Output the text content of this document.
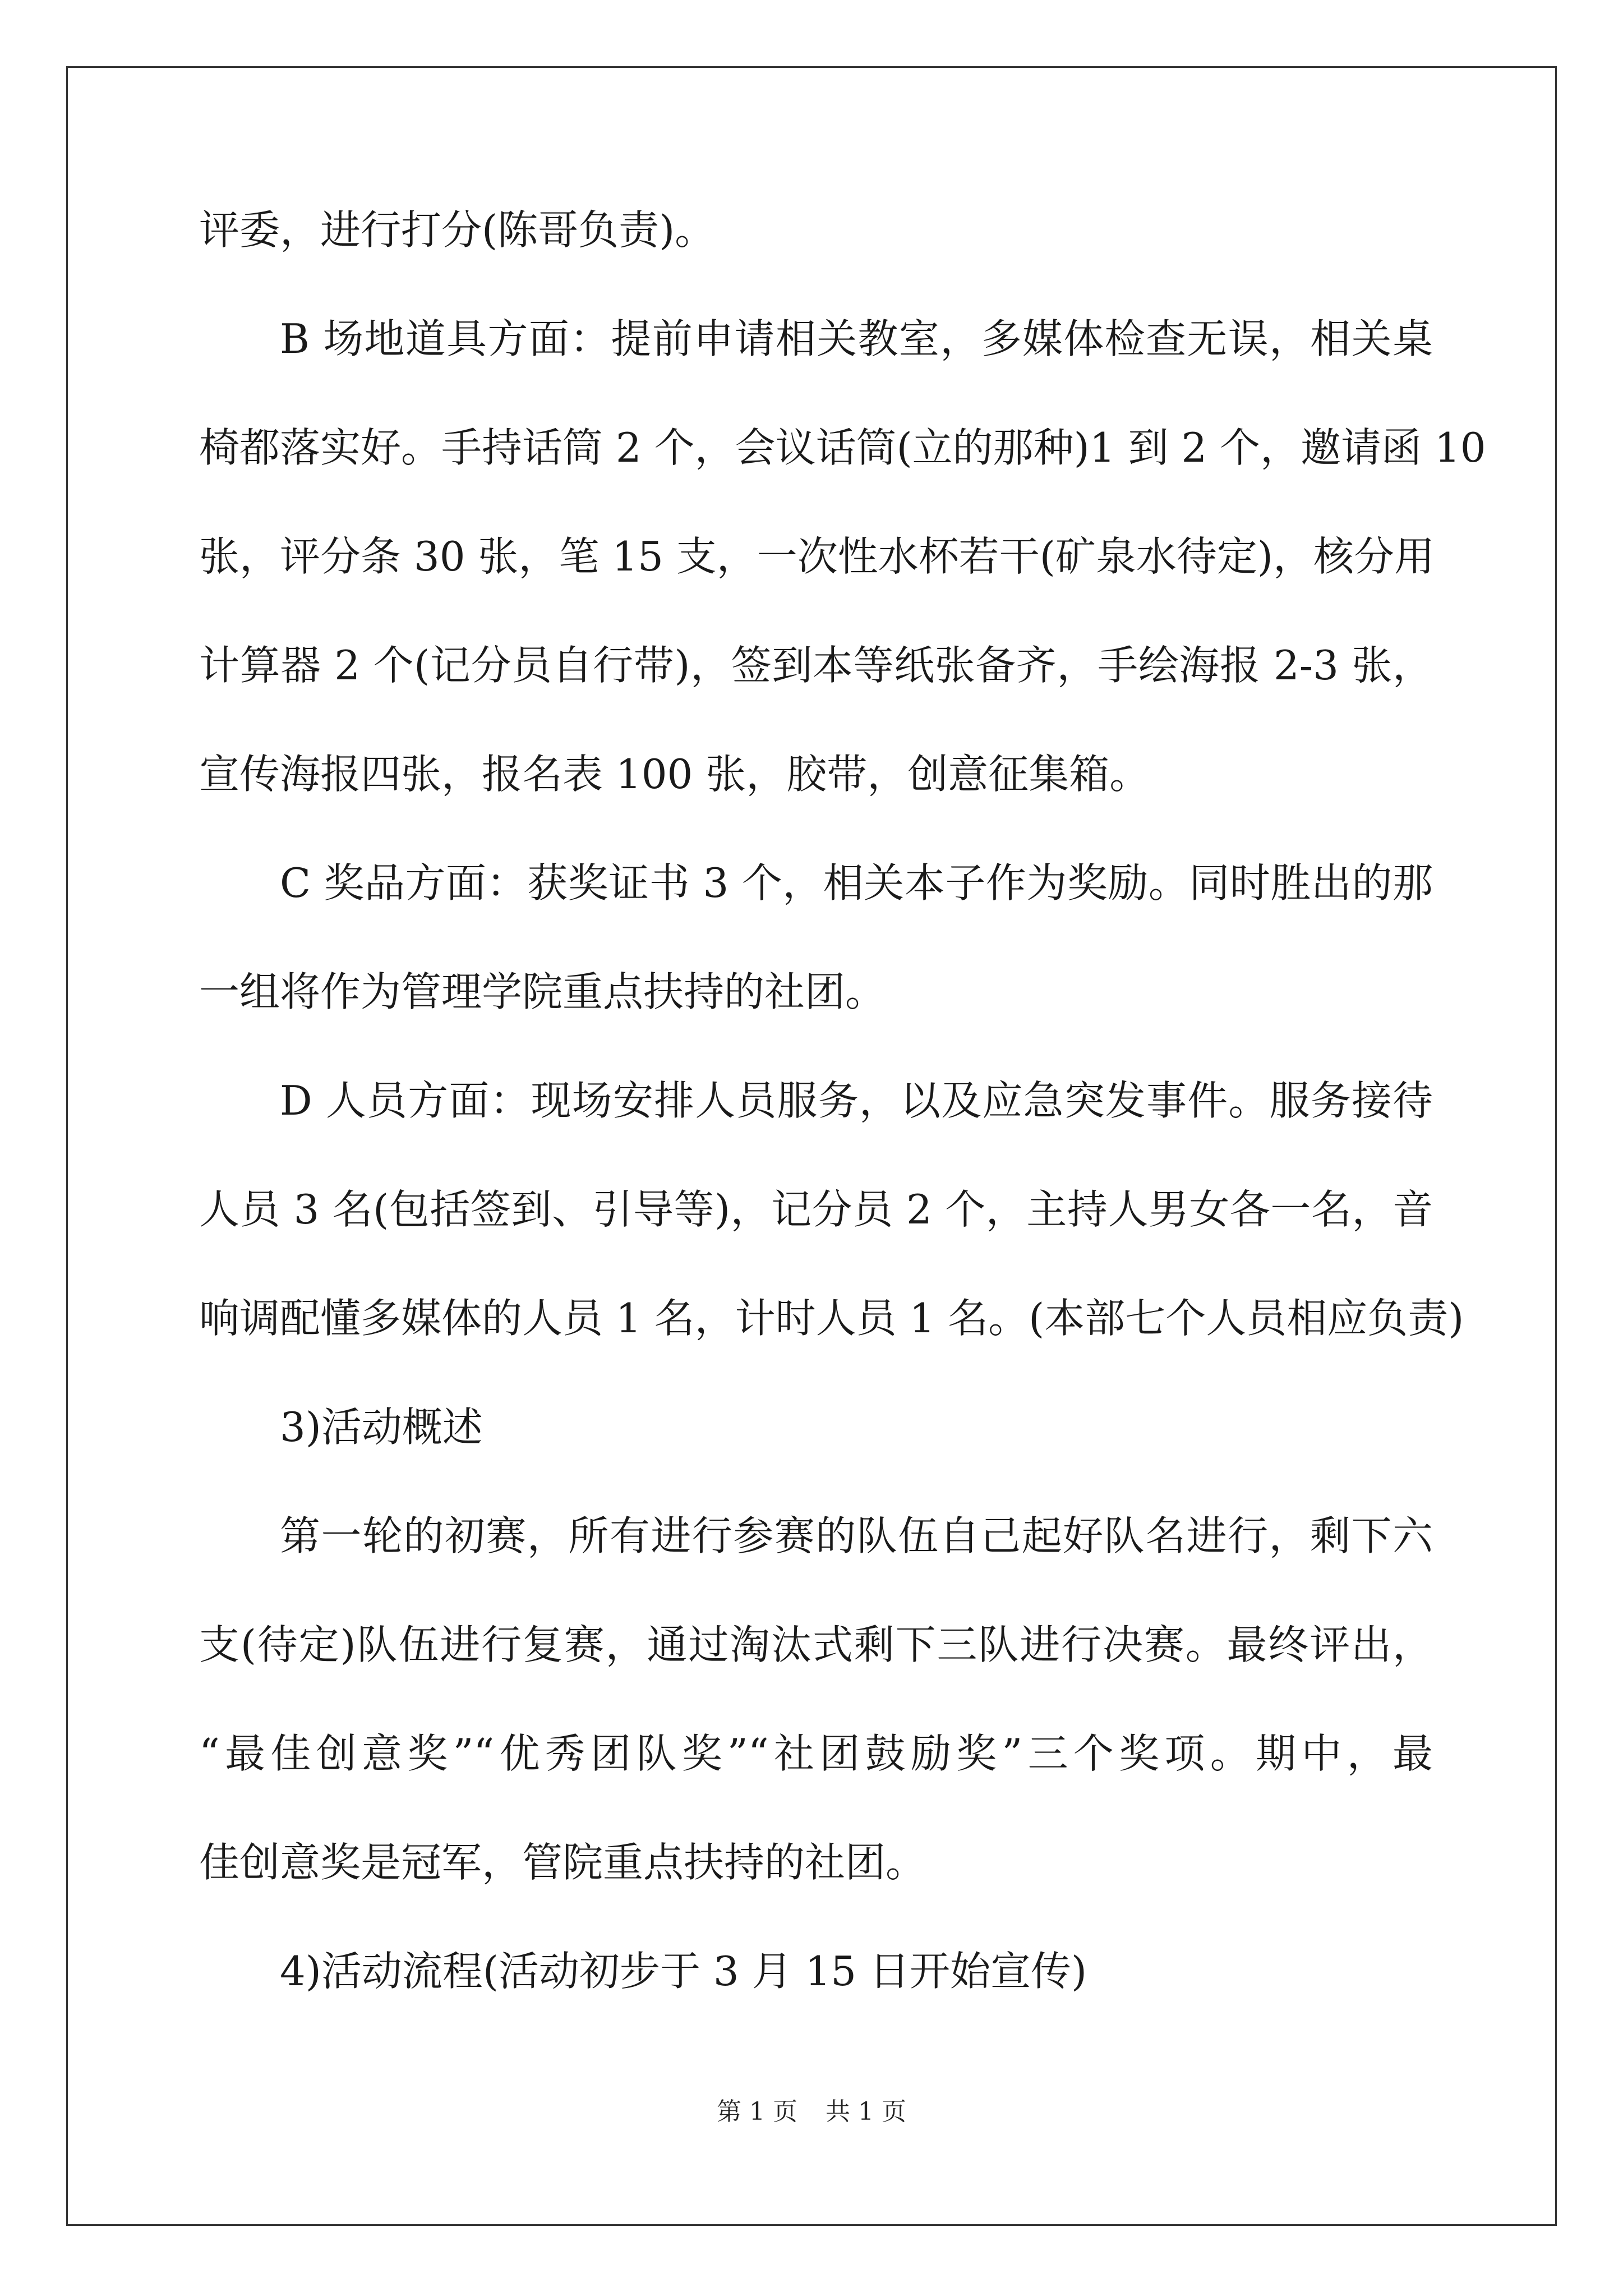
评委，进行打分(陈哥负责)。
B 场地道具方面：提前申请相关教室，多媒体检查无误，相关桌
椅都落实好。手持话筒 2 个，会议话筒(立的那种)1 到 2 个，邀请函 10
张，评分条 30 张，笔 15 支，一次性水杯若干(矿泉水待定)，核分用
计算器 2 个(记分员自行带)，签到本等纸张备齐，手绘海报 2-3 张，
宣传海报四张，报名表 100 张，胶带，创意征集箱。
C 奖品方面：获奖证书 3 个，相关本子作为奖励。同时胜出的那
一组将作为管理学院重点扶持的社团。
D 人员方面：现场安排人员服务，以及应急突发事件。服务接待
人员 3 名(包括签到、引导等)，记分员 2 个，主持人男女各一名，音
响调配懂多媒体的人员 1 名，计时人员 1 名。(本部七个人员相应负责)
3)活动概述
第一轮的初赛，所有进行参赛的队伍自己起好队名进行，剩下六
支(待定)队伍进行复赛，通过淘汰式剩下三队进行决赛。最终评出，
“最佳创意奖”“优秀团队奖”“社团鼓励奖”三个奖项。期中，最
佳创意奖是冠军，管院重点扶持的社团。
4)活动流程(活动初步于 3 月 15 日开始宣传)
第 1 页 共 1 页
